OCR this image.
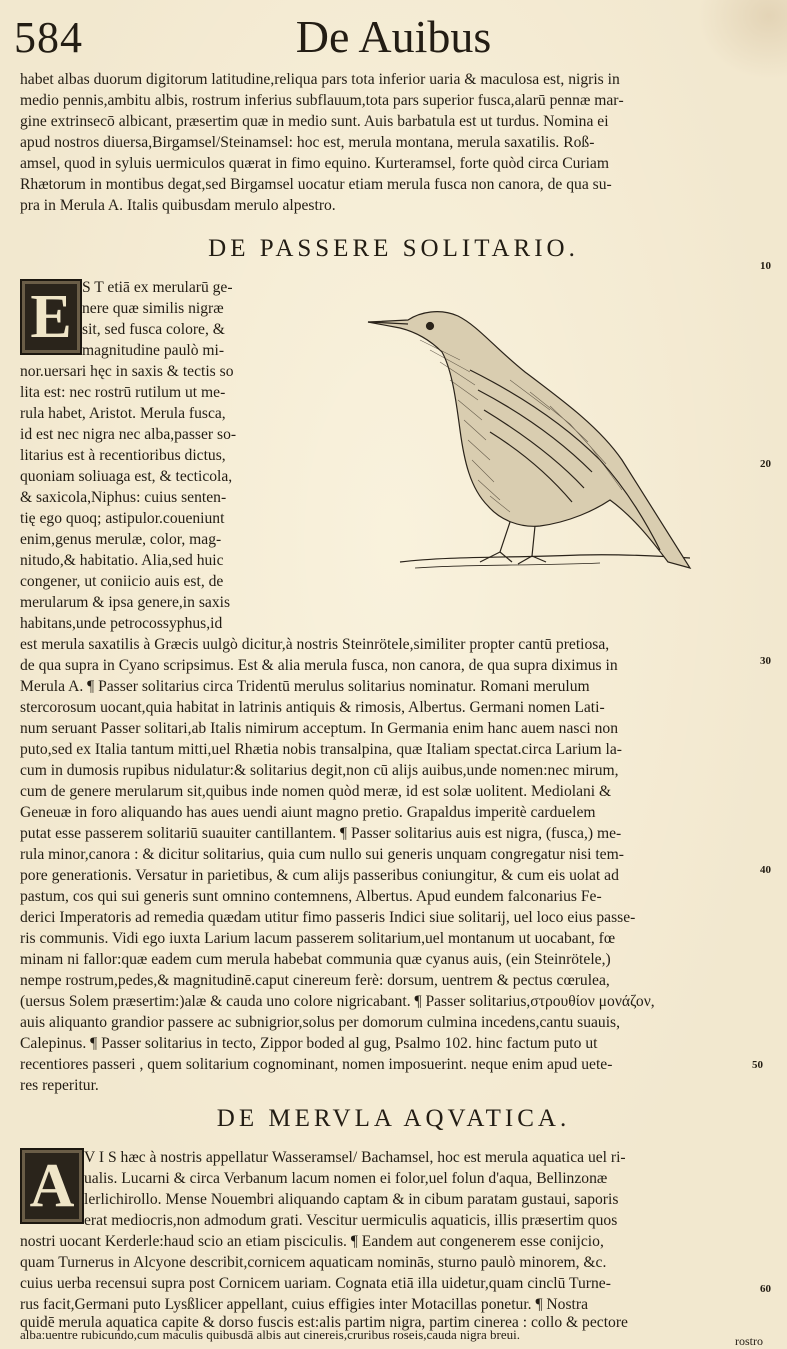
584	De Auibus
habet albas duorum digitorum latitudine,reliqua pars tota inferior uaria & maculosa est, nigris in
medio pennis,ambitu albis, rostrum inferius subflauum,tota pars superior fusca,alarū pennæ mar‑
gine extrinsecō albicant, præsertim quæ in medio sunt. Auis barbatula est ut turdus. Nomina ei
apud nostros diuersa,Birgamsel/Steinamsel: hoc est, merula montana, merula saxatilis. Roß‑
amsel, quod in syluis uermiculos quærat in fimo equino. Kurteramsel, forte quòd circa Curiam
Rhætorum in montibus degat,sed Birgamsel uocatur etiam merula fusca non canora, de qua su‑
pra in Merula A. Italis quibusdam merulo alpestro.
DE PASSERE SOLITARIO.
E S T etiā ex merularū ge‑
nere quæ similis nigræ
sit, sed fusca colore, &
magnitudine paulò mi‑
nor.uersari hęc in saxis & tectis so
lita est: nec rostrū rutilum ut me‑
rula habet, Aristot. Merula fusca,
id est nec nigra nec alba,passer so‑
litarius est à recentioribus dictus,
quoniam soliuaga est, & tecticola,
& saxicola,Niphus: cuius senten‑
tię ego quoq; astipulor.coueniunt
enim,genus merulæ, color, mag‑
nitudo,& habitatio. Alia,sed huic
congener, ut coniicio auis est, de
merularum & ipsa genere,in saxis
habitans,unde petrocossyphus,id
est merula saxatilis à Græcis uulgò dicitur,à nostris Steinrötele,similiter propter cantū pretiosa,
de qua supra in Cyano scripsimus. Est & alia merula fusca, non canora, de qua supra diximus in
Merula A. ¶ Passer solitarius circa Tridentū merulus solitarius nominatur. Romani merulum
stercorosum uocant,quia habitat in latrinis antiquis & rimosis, Albertus. Germani nomen Lati‑
num seruant Passer solitari,ab Italis nimirum acceptum. In Germania enim hanc auem nasci non
puto,sed ex Italia tantum mitti,uel Rhætia nobis transalpina, quæ Italiam spectat.circa Larium la‑
cum in dumosis rupibus nidulatur:& solitarius degit,non cū alijs auibus,unde nomen:nec mirum,
cum de genere merularum sit,quibus inde nomen quòd meræ, id est solæ uolitent. Mediolani &
Geneuæ in foro aliquando has aues uendi aiunt magno pretio. Grapaldus imperitè carduelem
putat esse passerem solitariū suauiter cantillantem. ¶ Passer solitarius auis est nigra, (fusca,) me‑
rula minor,canora : & dicitur solitarius, quia cum nullo sui generis unquam congregatur nisi tem‑
pore generationis. Versatur in parietibus, & cum alijs passeribus coniungitur, & cum eis uolat ad
pastum, cos qui sui generis sunt omnino contemnens, Albertus. Apud eundem falconarius Fe‑
derici Imperatoris ad remedia quædam utitur fimo passeris Indici siue solitarij, uel loco eius passe‑
ris communis. Vidi ego iuxta Larium lacum passerem solitarium,uel montanum ut uocabant, fœ
minam ni fallor:quæ eadem cum merula habebat communia quæ cyanus auis, (ein Steinrötele,)
nempe rostrum,pedes,& magnitudinē.caput cinereum ferè: dorsum, uentrem & pectus cœrulea,
(uersus Solem præsertim:)alæ & cauda uno colore nigricabant. ¶ Passer solitarius,στρουθίον μονάζον,
auis aliquanto grandior passere ac subnigrior,solus per domorum culmina incedens,cantu suauis,
Calepinus. ¶ Passer solitarius in tecto, Zippor boded al gug, Psalmo 102. hinc factum puto ut
recentiores passeri , quem solitarium cognominant, nomen imposuerint. neque enim apud uete‑
res reperitur.
DE MERVLA AQVATICA.
A V I S hæc à nostris appellatur Wasseramsel/ Bachamsel, hoc est merula aquatica uel ri‑
ualis. Lucarni & circa Verbanum lacum nomen ei folor,uel folun d'aqua, Bellinzonæ
lerlichirollo. Mense Nouembri aliquando captam & in cibum paratam gustaui, saporis
erat mediocris,non admodum grati. Vescitur uermiculis aquaticis, illis præsertim quos
nostri uocant Kerderle:haud scio an etiam pisciculis. ¶ Eandem aut congenerem esse conijcio,
quam Turnerus in Alcyone describit,cornicem aquaticam nominās, sturno paulò minorem, &c.
cuius uerba recensui supra post Cornicem uariam. Cognata etiā illa uidetur,quam cinclū Turne‑
rus facit,Germani puto Lysßlicer appellant, cuius effigies inter Motacillas ponetur. ¶ Nostra
quidē merula aquatica capite & dorso fuscis est:alis partim nigra, partim cinerea : collo & pectore
alba:uentre rubicundo,cum maculis quibusdā albis aut cinereis,cruribus roseis,cauda nigra breui.	rostro
10
20
30
40
50
60
